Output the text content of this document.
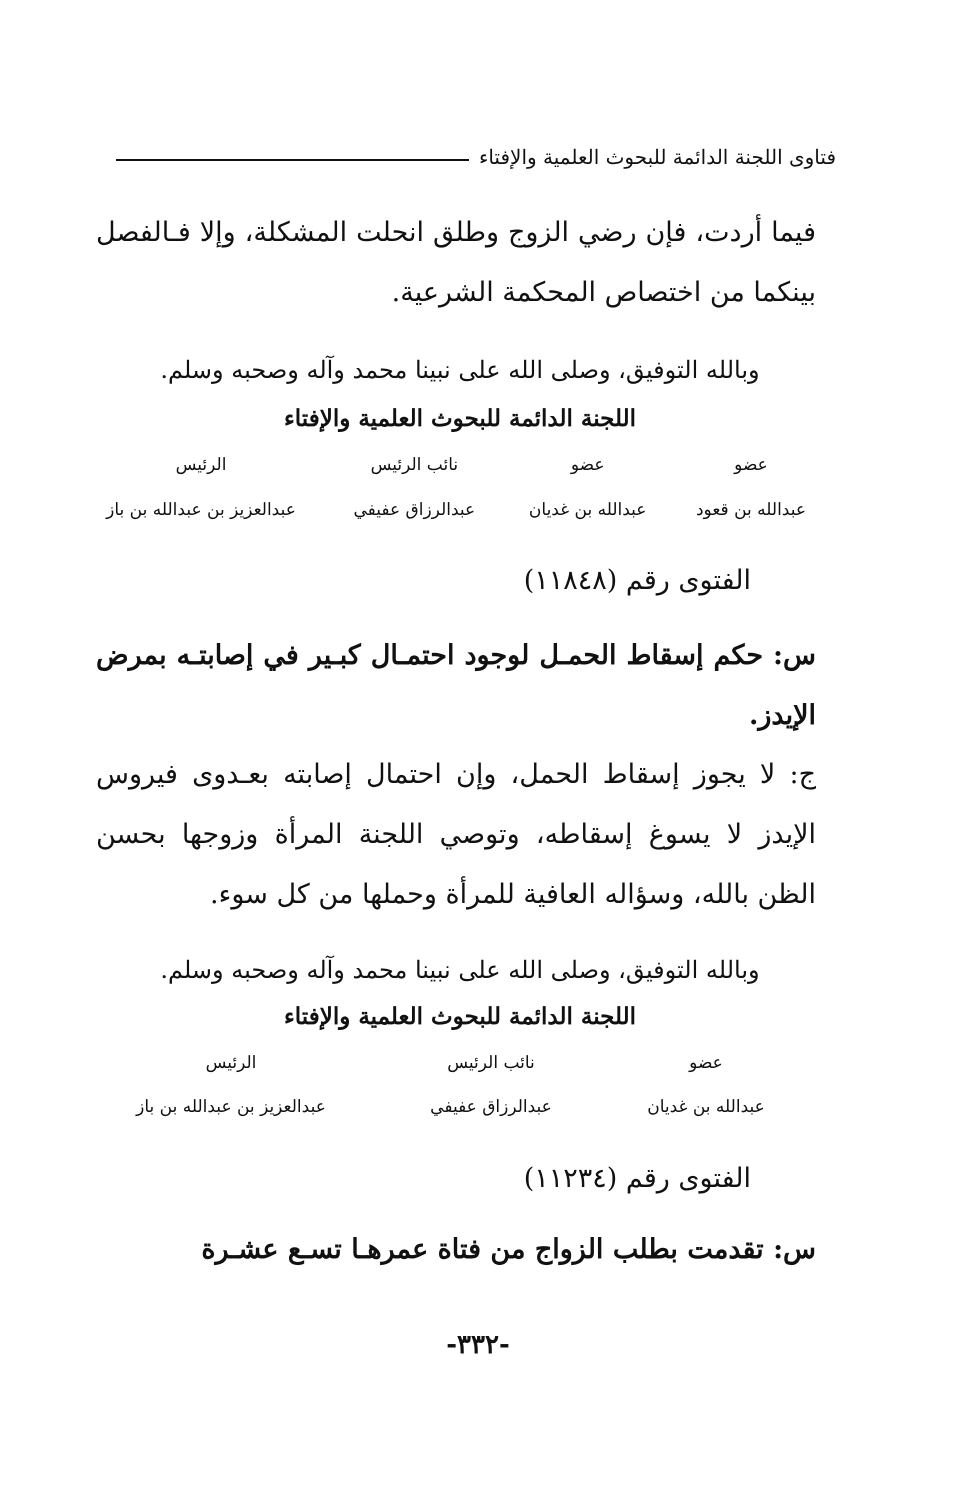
فتاوى اللجنة الدائمة للبحوث العلمية والإفتاء

فيما أردت، فإن رضي الزوج وطلق انحلت المشكلة، وإلا فـالفصل بينكما من اختصاص المحكمة الشرعية.

وبالله التوفيق، وصلى الله على نبينا محمد وآله وصحبه وسلم.
اللجنة الدائمة للبحوث العلمية والإفتاء
عضو
عضو
نائب الرئيس
الرئيس
عبدالله بن قعود
عبدالله بن غديان
عبدالرزاق عفيفي
عبدالعزيز بن عبدالله بن باز
الفتوى رقم (١١٨٤٨)

س: حكم إسقاط الحمـل لوجود احتمـال كبـير في إصابتـه بمرض الإيدز.

ج: لا يجوز إسقاط الحمل، وإن احتمال إصابته بعـدوى فيروس الإيدز لا يسوغ إسقاطه، وتوصي اللجنة المرأة وزوجها بحسن الظن بالله، وسؤاله العافية للمرأة وحملها من كل سوء.

وبالله التوفيق، وصلى الله على نبينا محمد وآله وصحبه وسلم.
اللجنة الدائمة للبحوث العلمية والإفتاء
عضو
نائب الرئيس
الرئيس
عبدالله بن غديان
عبدالرزاق عفيفي
عبدالعزيز بن عبدالله بن باز
الفتوى رقم (١١٢٣٤)

س: تقدمت بطلب الزواج من فتاة عمرهـا تسـع عشـرة

-٣٣٢-
